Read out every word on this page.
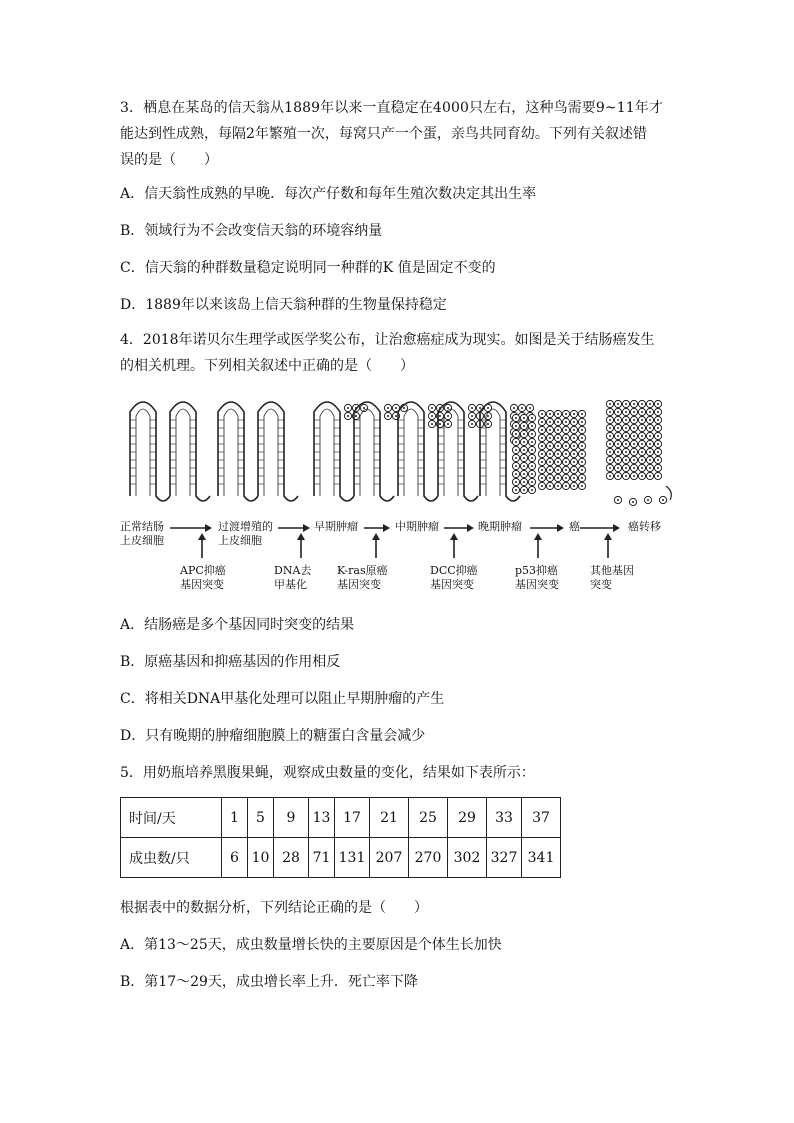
3．栖息在某岛的信天翁从1889年以来一直稳定在4000只左右，这种鸟需要9~11年才

能达到性成熟，每隔2年繁殖一次，每窝只产一个蛋，亲鸟共同育幼。下列有关叙述错

误的是（　　）

A．信天翁性成熟的早晚．每次产仔数和每年生殖次数决定其出生率
B．领域行为不会改变信天翁的环境容纳量
C．信天翁的种群数量稳定说明同一种群的K 值是固定不变的
D．1889年以来该岛上信天翁种群的生物量保持稳定

4．2018年诺贝尔生理学或医学奖公布，让治愈癌症成为现实。如图是关于结肠癌发生

的相关机理。下列相关叙述中正确的是（　　）

正常结肠
上皮细胞
过渡增殖的
上皮细胞
早期肿瘤	中期肿瘤	晚期肿瘤	癌	癌转移
APC抑癌
基因突变
DNA去
甲基化
K-ras原癌
基因突变
DCC抑癌
基因突变
p53抑癌
基因突变
其他基因
突变
A．结肠癌是多个基因同时突变的结果
B．原癌基因和抑癌基因的作用相反
C．将相关DNA甲基化处理可以阻止早期肿瘤的产生
D．只有晚期的肿瘤细胞膜上的糖蛋白含量会减少
5．用奶瓶培养黑腹果蝇，观察成虫数量的变化，结果如下表所示：
时间/天	1	5	9	13	17	21	25	29	33	37
成虫数/只	6	10	28	71	131	207	270	302	327	341
根据表中的数据分析，下列结论正确的是（　　）
A．第13～25天，成虫数量增长快的主要原因是个体生长加快
B．第17～29天，成虫增长率上升．死亡率下降
